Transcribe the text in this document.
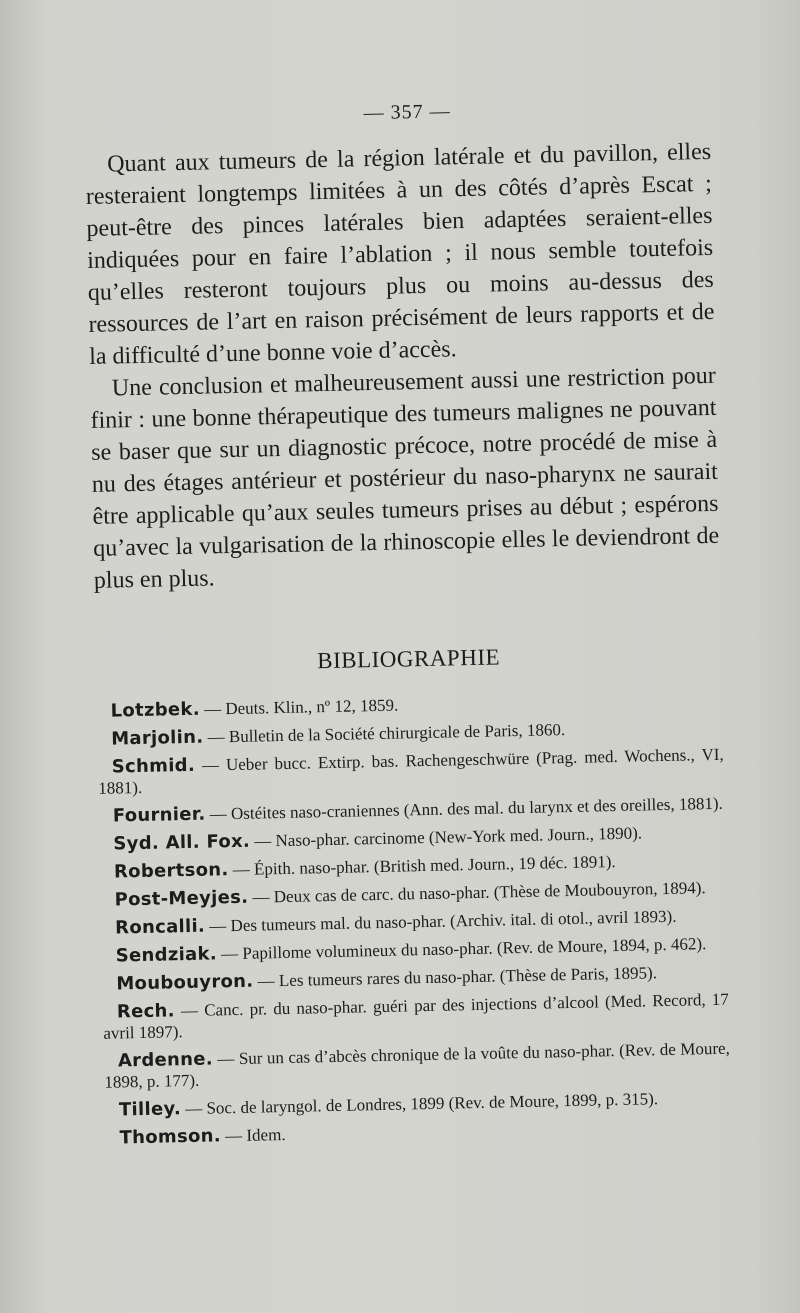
— 357 —

Quant aux tumeurs de la région latérale et du pavillon, elles resteraient longtemps limitées à un des côtés d’après Escat ; peut-être des pinces latérales bien adaptées seraient-elles indiquées pour en faire l’ablation ; il nous semble toutefois qu’elles resteront toujours plus ou moins au-dessus des ressources de l’art en raison précisément de leurs rapports et de la difficulté d’une bonne voie d’accès.

Une conclusion et malheureusement aussi une restriction pour finir : une bonne thérapeutique des tumeurs malignes ne pouvant se baser que sur un diagnostic précoce, notre procédé de mise à nu des étages antérieur et postérieur du naso-pharynx ne saurait être applicable qu’aux seules tumeurs prises au début ; espérons qu’avec la vulgarisation de la rhinoscopie elles le deviendront de plus en plus.

BIBLIOGRAPHIE
Lotzbek. — Deuts. Klin., nº 12, 1859.
Marjolin. — Bulletin de la Société chirurgicale de Paris, 1860.
Schmid. — Ueber bucc. Extirp. bas. Rachengeschwüre (Prag. med. Wochens., VI, 1881).
Fournier. — Ostéites naso-craniennes (Ann. des mal. du larynx et des oreilles, 1881).
Syd. All. Fox. — Naso-phar. carcinome (New-York med. Journ., 1890).
Robertson. — Épith. naso-phar. (British med. Journ., 19 déc. 1891).
Post-Meyjes. — Deux cas de carc. du naso-phar. (Thèse de Moubouyron, 1894).
Roncalli. — Des tumeurs mal. du naso-phar. (Archiv. ital. di otol., avril 1893).
Sendziak. — Papillome volumineux du naso-phar. (Rev. de Moure, 1894, p. 462).
Moubouyron. — Les tumeurs rares du naso-phar. (Thèse de Paris, 1895).
Rech. — Canc. pr. du naso-phar. guéri par des injections d’alcool (Med. Record, 17 avril 1897).
Ardenne. — Sur un cas d’abcès chronique de la voûte du naso-phar. (Rev. de Moure, 1898, p. 177).
Tilley. — Soc. de laryngol. de Londres, 1899 (Rev. de Moure, 1899, p. 315).
Thomson. — Idem.
